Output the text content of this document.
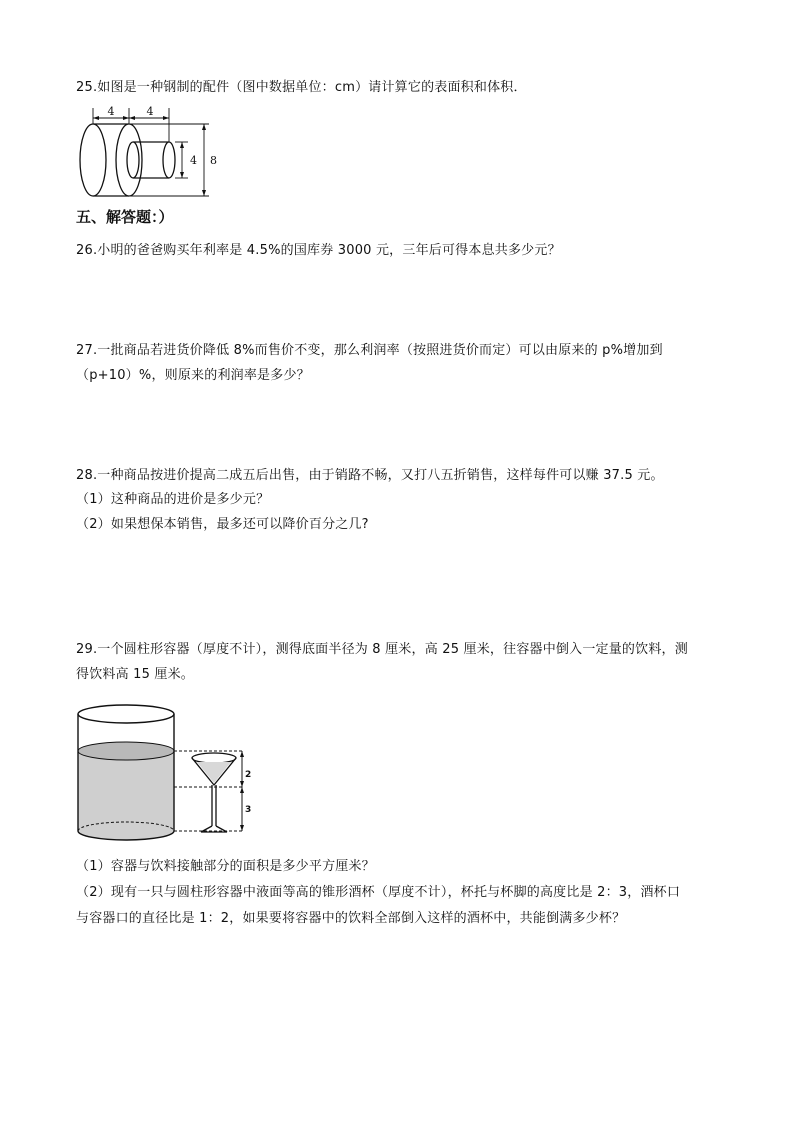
25.如图是一种钢制的配件（图中数据单位：cm）请计算它的表面积和体积．
4	4
4 8
五、解答题：）
26.小明的爸爸购买年利率是 4.5%的国库券 3000 元，三年后可得本息共多少元？
27.一批商品若进货价降低 8%而售价不变，那么利润率（按照进货价而定）可以由原来的 p%增加到
（p+10）%，则原来的利润率是多少？
28.一种商品按进价提高二成五后出售，由于销路不畅，又打八五折销售，这样每件可以赚 37.5 元。
（1）这种商品的进价是多少元？
（2）如果想保本销售，最多还可以降价百分之几?
29.一个圆柱形容器（厚度不计），测得底面半径为 8 厘米，高 25 厘米，往容器中倒入一定量的饮料，测
得饮料高 15 厘米。
2
3
（1）容器与饮料接触部分的面积是多少平方厘米？
（2）现有一只与圆柱形容器中液面等高的锥形酒杯（厚度不计），杯托与杯脚的高度比是 2：3，酒杯口
与容器口的直径比是 1：2，如果要将容器中的饮料全部倒入这样的酒杯中，共能倒满多少杯？
